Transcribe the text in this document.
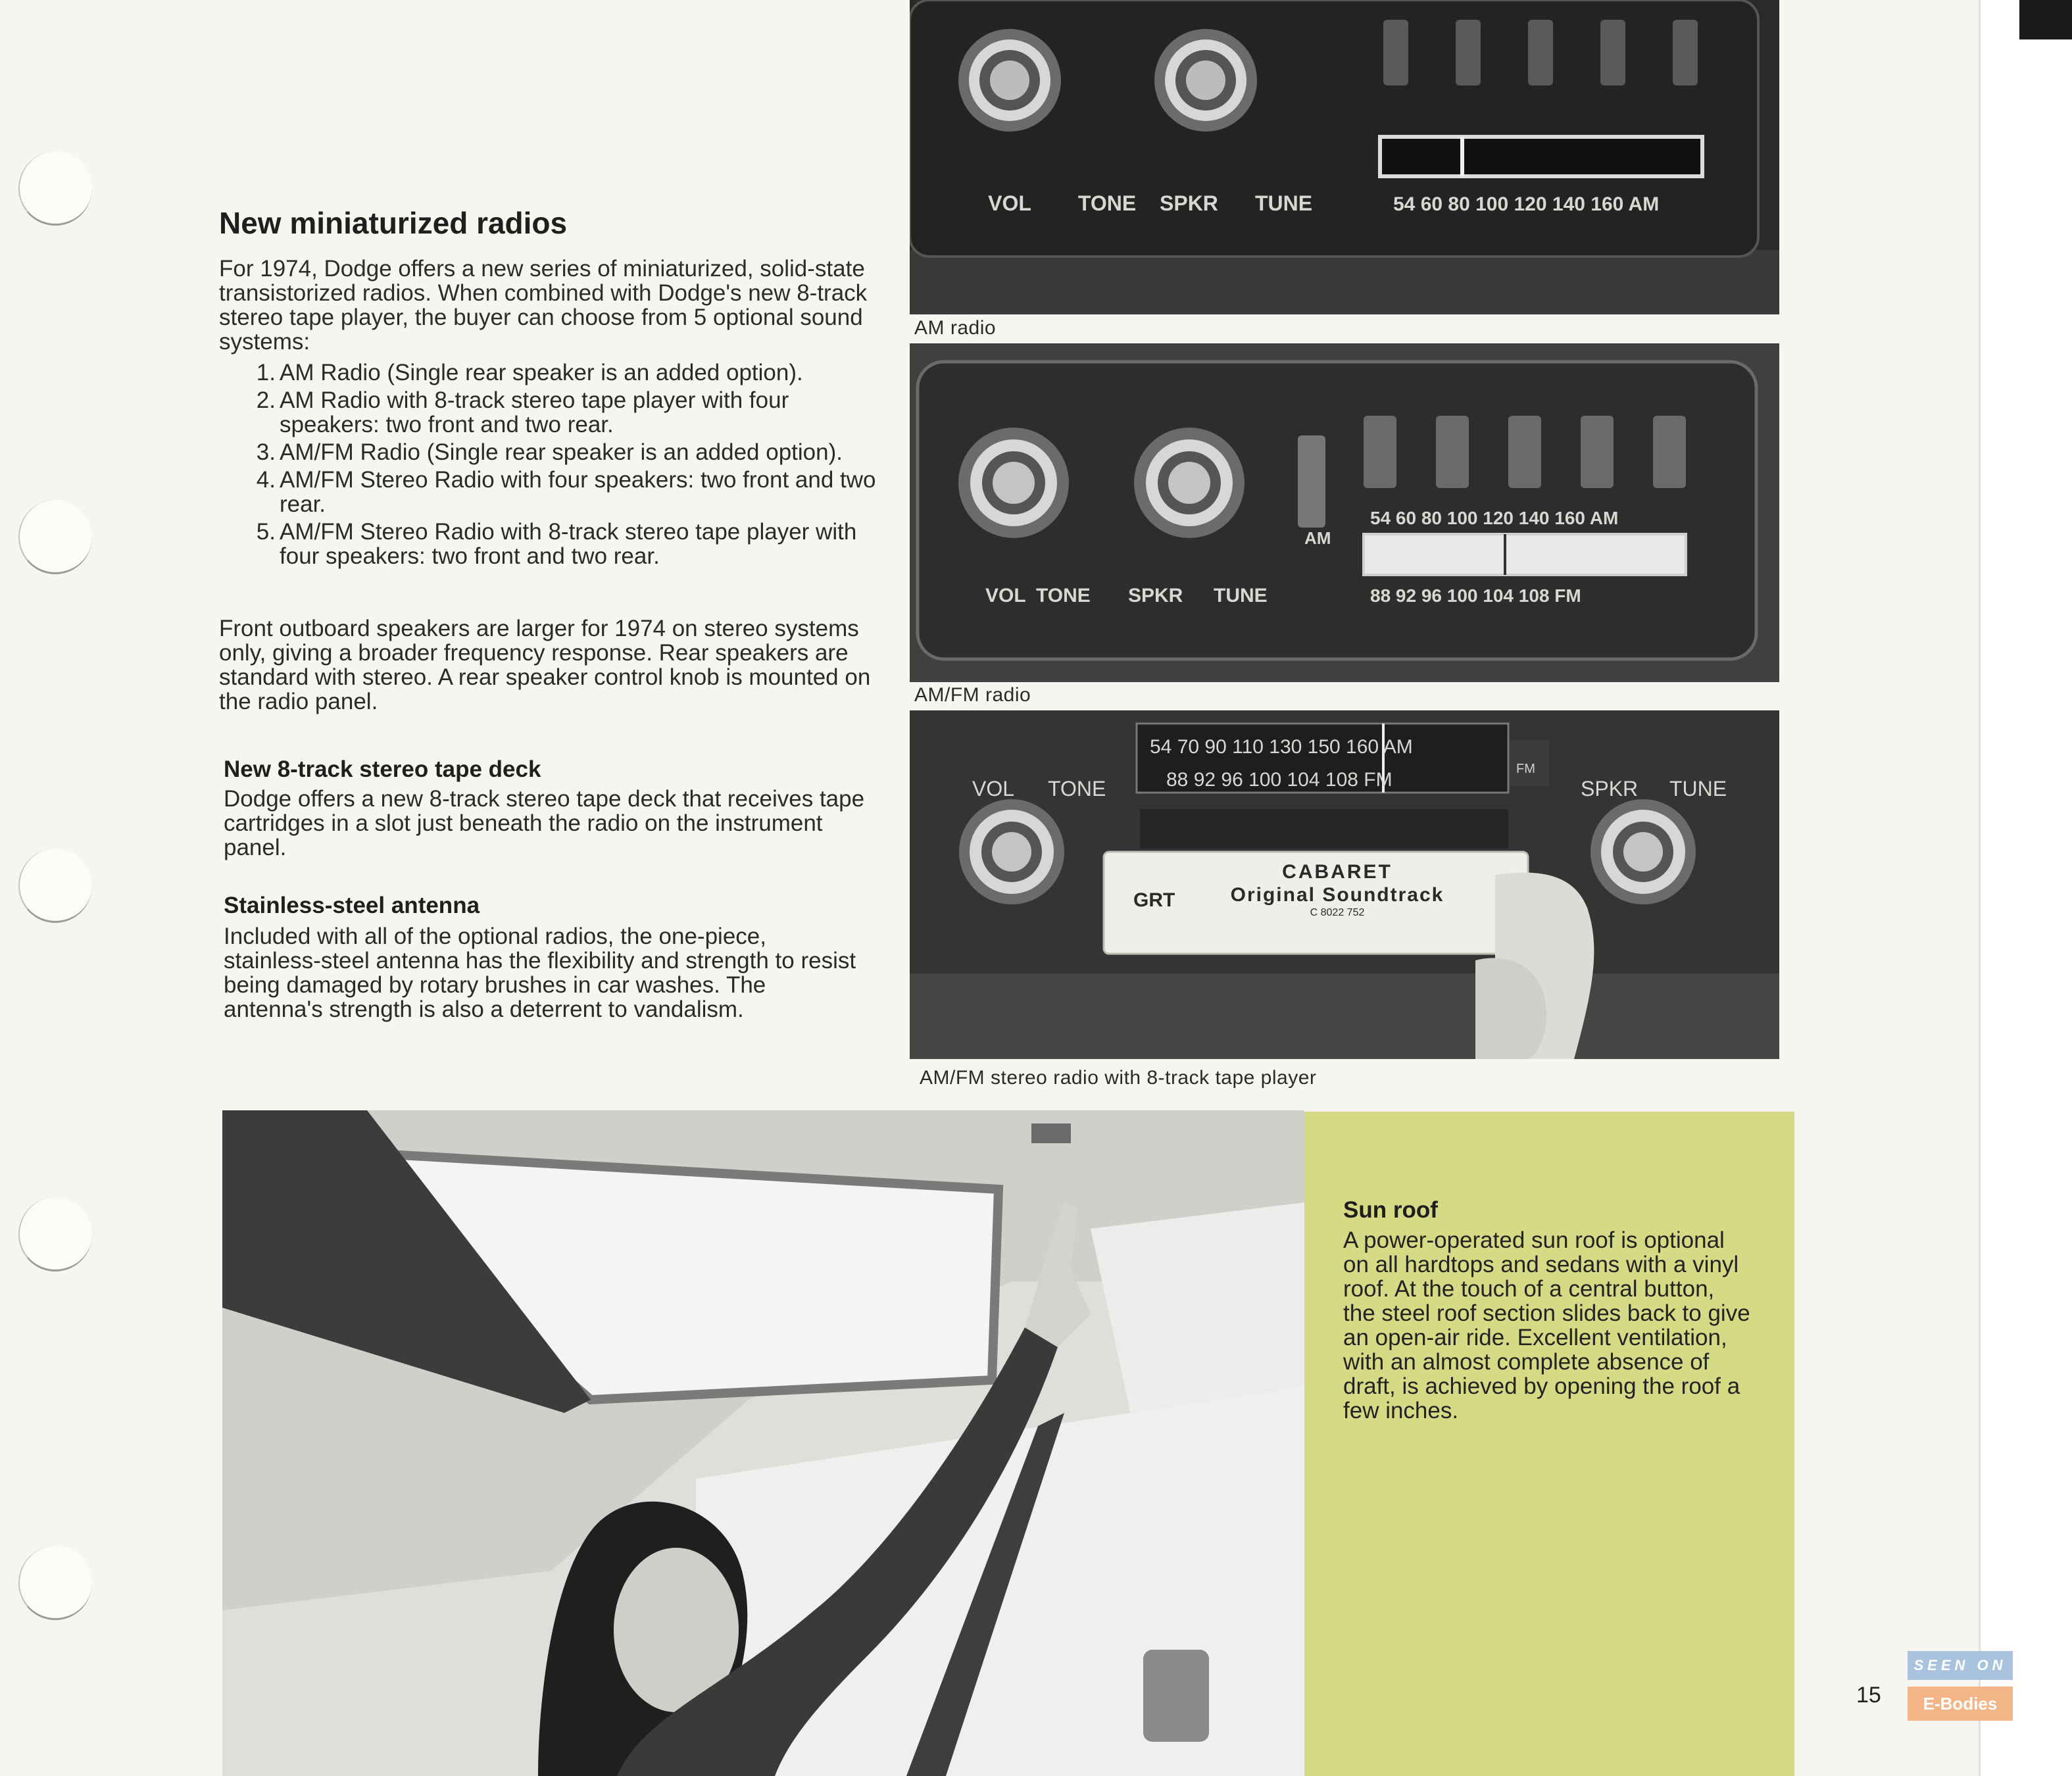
New miniaturized radios
For 1974, Dodge offers a new series of miniaturized, solid-state transistorized radios. When combined with Dodge's new 8-track stereo tape player, the buyer can choose from 5 optional sound systems:
1. AM Radio (Single rear speaker is an added option).
2. AM Radio with 8-track stereo tape player with four speakers: two front and two rear.
3. AM/FM Radio (Single rear speaker is an added option).
4. AM/FM Stereo Radio with four speakers: two front and two rear.
5. AM/FM Stereo Radio with 8-track stereo tape player with four speakers: two front and two rear.
Front outboard speakers are larger for 1974 on stereo systems only, giving a broader frequency response. Rear speakers are standard with stereo. A rear speaker control knob is mounted on the radio panel.
New 8-track stereo tape deck
Dodge offers a new 8-track stereo tape deck that receives tape cartridges in a slot just beneath the radio on the instrument panel.
Stainless-steel antenna
Included with all of the optional radios, the one-piece, stainless-steel antenna has the flexibility and strength to resist being damaged by rotary brushes in car washes. The antenna's strength is also a deterrent to vandalism.
VOL TONE SPKR TUNE	54 60 80 100 120 140 160 AM
AM radio
AM
54 60 80 100 120 140 160 AM
88 92 96 100 104 108 FM
VOL TONE SPKR TUNE
AM/FM radio
54 70 90 110 130 150 160 AM
88 92 96 100 104 108 FM	FM
VOL TONE	SPKR TUNE
CABARET
Original Soundtrack
C 8022 752
GRT
AM/FM stereo radio with 8-track tape player
Sun roof
A power-operated sun roof is optional on all hardtops and sedans with a vinyl roof. At the touch of a central button, the steel roof section slides back to give an open-air ride. Excellent ventilation, with an almost complete absence of draft, is achieved by opening the roof a few inches.
15
SEEN ON
E-Bodies
